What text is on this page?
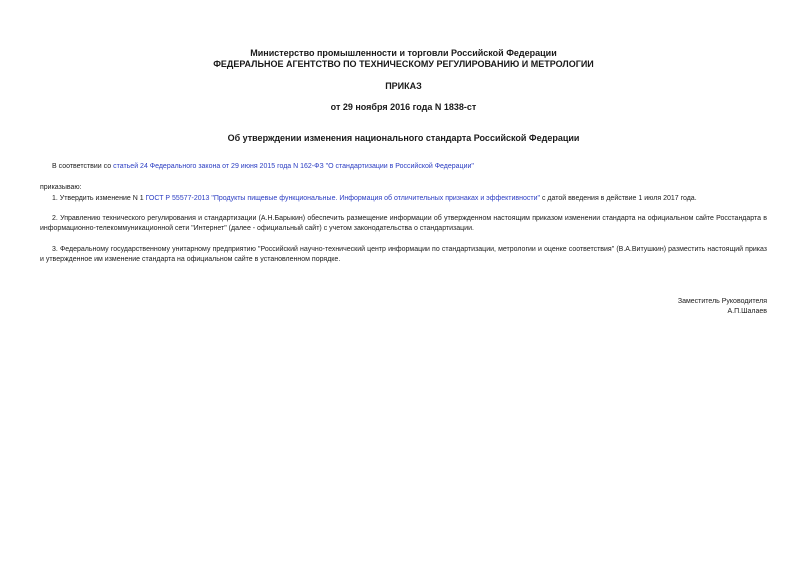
Министерство промышленности и торговли Российской Федерации
ФЕДЕРАЛЬНОЕ АГЕНТСТВО ПО ТЕХНИЧЕСКОМУ РЕГУЛИРОВАНИЮ И МЕТРОЛОГИИ
ПРИКАЗ
от 29 ноября 2016 года N 1838-ст
Об утверждении изменения национального стандарта Российской Федерации
В соответствии со статьей 24 Федерального закона от 29 июня 2015 года N 162-ФЗ "О стандартизации в Российской Федерации"
приказываю:
1. Утвердить изменение N 1 ГОСТ Р 55577-2013 "Продукты пищевые функциональные. Информация об отличительных признаках и эффективности" с датой введения в действие 1 июля 2017 года.
2. Управлению технического регулирования и стандартизации (А.Н.Барыкин) обеспечить размещение информации об утвержденном настоящим приказом изменении стандарта на официальном сайте Росстандарта в информационно-телекоммуникационной сети "Интернет" (далее - официальный сайт) с учетом законодательства о стандартизации.
3. Федеральному государственному унитарному предприятию "Российский научно-технический центр информации по стандартизации, метрологии и оценке соответствия" (В.А.Витушкин) разместить настоящий приказ и утвержденное им изменение стандарта на официальном сайте в установленном порядке.
Заместитель Руководителя
А.П.Шалаев
